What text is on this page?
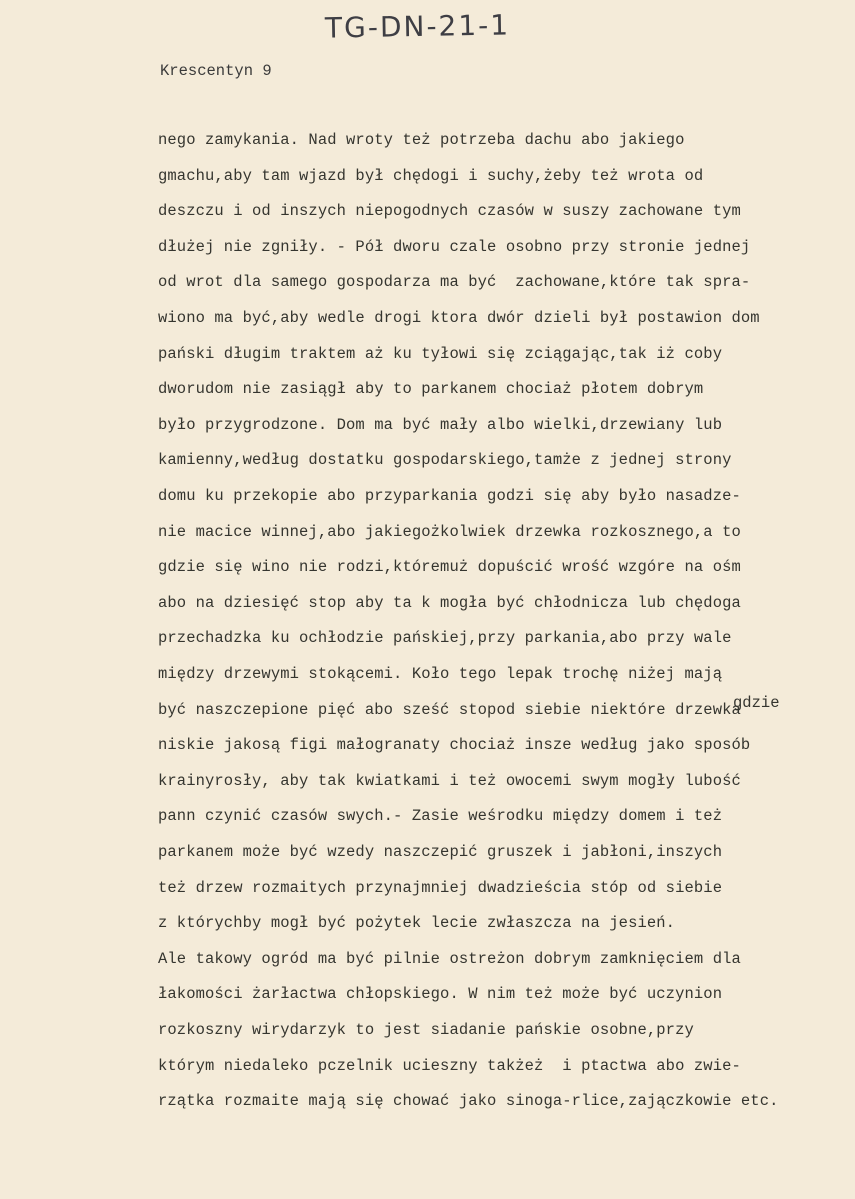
TG-DN-21-1
Krescentyn 9
nego zamykania. Nad wroty też potrzeba dachu abo jakiego
gmachu,aby tam wjazd był chędogi i suchy,żeby też wrota od
deszczu i od inszych niepogodnych czasów w suszy zachowane tym
dłużej nie zgniły. - Pół dworu czale osobno przy stronie jednej
od wrot dla samego gospodarza ma być  zachowane,które tak spra-
wiono ma być,aby wedle drogi ktora dwór dzieli był postawion dom
pański długim traktem aż ku tyłowi się zciągając,tak iż coby
dworudom nie zasiągł aby to parkanem chociaż płotem dobrym
było przygrodzone. Dom ma być mały albo wielki,drzewiany lub
kamienny,według dostatku gospodarskiego,tamże z jednej strony
domu ku przekopie abo przyparkania godzi się aby było nasadze-
nie macice winnej,abo jakiegożkolwiek drzewka rozkosznego,a to
gdzie się wino nie rodzi,któremuż dopuścić wrość wzgóre na ośm
abo na dziesięć stop aby ta k mogła być chłodnicza lub chędoga
przechadzka ku ochłodzie pańskiej,przy parkania,abo przy wale
między drzewymi stokącemi. Koło tego lepak trochę niżej mają
być naszczepione pięć abo sześć stopod siebie niektóre drzewka
niskie jakosą figi małogranaty chociaż insze według jako sposób
krainyrosły, aby tak kwiatkami i też owocemi swym mogły lubość
pann czynić czasów swych.- Zasie weśrodku między domem i też
parkanem może być wzedy naszczepić gruszek i jabłoni,inszych
też drzew rozmaitych przynajmniej dwadzieścia stóp od siebie
z którychby mogł być pożytek lecie zwłaszcza na jesień.
Ale takowy ogród ma być pilnie ostreżon dobrym zamknięciem dla
łakomości żarłactwa chłopskiego. W nim też może być uczynion
rozkoszny wirydarzyk to jest siadanie pańskie osobne,przy
którym niedaleko pczelnik ucieszny takżeż  i ptactwa abo zwie-
rzątka rozmaite mają się chować jako sinoga-rlice,zajączkowie etc.
gdzie
